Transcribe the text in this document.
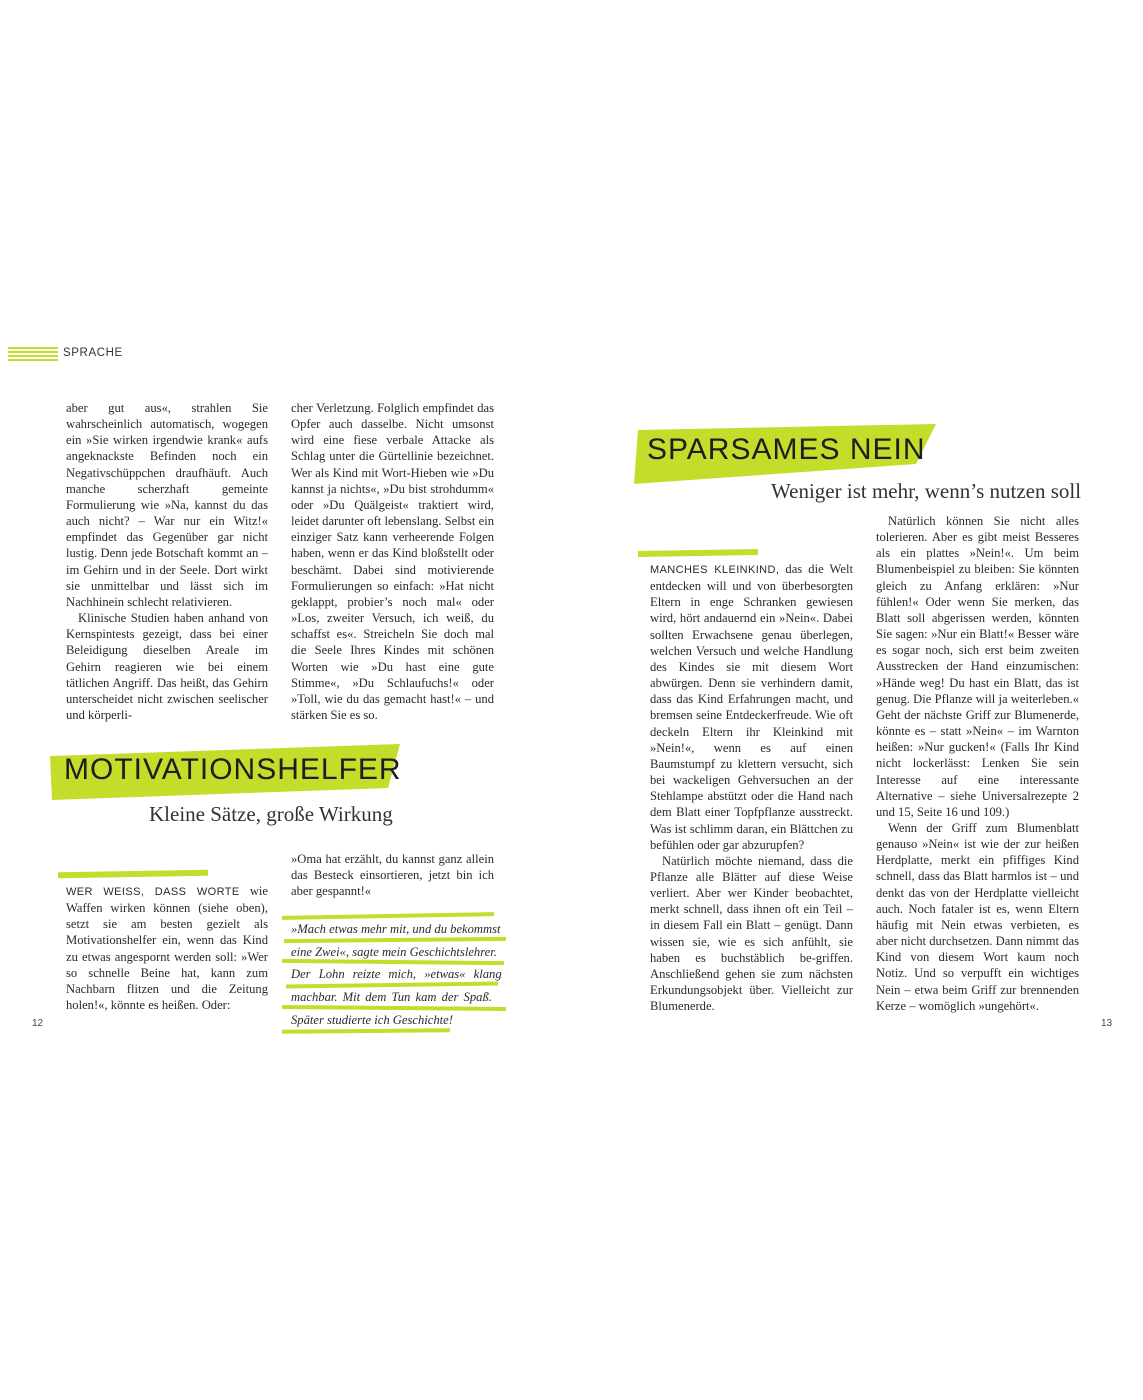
SPRACHE

aber gut aus«, strahlen Sie wahrscheinlich automatisch, wogegen ein »Sie wirken irgendwie krank« aufs angeknackste Befinden noch ein Negativschüppchen draufhäuft. Auch manche scherzhaft gemeinte Formulierung wie »Na, kannst du das auch nicht? – War nur ein Witz!« empfindet das Gegenüber gar nicht lustig. Denn jede Botschaft kommt an – im Gehirn und in der Seele. Dort wirkt sie unmittelbar und lässt sich im Nachhinein schlecht relativieren.

Klinische Studien haben anhand von Kernspintests gezeigt, dass bei einer Beleidigung dieselben Areale im Gehirn reagieren wie bei einem tätlichen Angriff. Das heißt, das Gehirn unterscheidet nicht zwischen seelischer und körperli-

cher Verletzung. Folglich empfindet das Opfer auch dasselbe. Nicht umsonst wird eine fiese verbale Attacke als Schlag unter die Gürtellinie bezeichnet. Wer als Kind mit Wort-Hieben wie »Du kannst ja nichts«, »Du bist strohdumm« oder »Du Quälgeist« traktiert wird, leidet darunter oft lebenslang. Selbst ein einziger Satz kann verheerende Folgen haben, wenn er das Kind bloßstellt oder beschämt. Dabei sind motivierende Formulierungen so einfach: »Hat nicht geklappt, probier’s noch mal« oder »Los, zweiter Versuch, ich weiß, du schaffst es«. Streicheln Sie doch mal die Seele Ihres Kindes mit schönen Worten wie »Du hast eine gute Stimme«, »Du Schlaufuchs!« oder »Toll, wie du das gemacht hast!« – und stärken Sie es so.

MOTIVATIONSHELFER
Kleine Sätze, große Wirkung

WER WEISS, DASS WORTE wie Waffen wirken können (siehe oben), setzt sie am besten gezielt als Motivationshelfer ein, wenn das Kind zu etwas angespornt werden soll: »Wer so schnelle Beine hat, kann zum Nachbarn flitzen und die Zeitung holen!«, könnte es heißen. Oder:

»Oma hat erzählt, du kannst ganz allein das Besteck einsortieren, jetzt bin ich aber gespannt!«

»Mach etwas mehr mit, und du bekommst
eine Zwei«, sagte mein Geschichtslehrer.
Der Lohn reizte mich, »etwas« klang
machbar. Mit dem Tun kam der Spaß.
Später studierte ich Geschichte!
12	13
SPARSAMES NEIN
Weniger ist mehr, wenn’s nutzen soll

MANCHES KLEINKIND, das die Welt entdecken will und von überbesorgten Eltern in enge Schranken gewiesen wird, hört andauernd ein »Nein«. Dabei sollten Erwachsene genau überlegen, welchen Versuch und welche Handlung des Kindes sie mit diesem Wort abwürgen. Denn sie verhindern damit, dass das Kind Erfahrungen macht, und bremsen seine Entdeckerfreude. Wie oft deckeln Eltern ihr Kleinkind mit »Nein!«, wenn es auf einen Baumstumpf zu klettern versucht, sich bei wackeligen Gehversuchen an der Stehlampe abstützt oder die Hand nach dem Blatt einer Topfpflanze ausstreckt. Was ist schlimm daran, ein Blättchen zu befühlen oder gar abzurupfen?

Natürlich möchte niemand, dass die Pflanze alle Blätter auf diese Weise verliert. Aber wer Kinder beobachtet, merkt schnell, dass ihnen oft ein Teil – in diesem Fall ein Blatt – genügt. Dann wissen sie, wie es sich anfühlt, sie haben es buchstäblich be-griffen. Anschließend gehen sie zum nächsten Erkundungsobjekt über. Vielleicht zur Blumenerde.

Natürlich können Sie nicht alles tolerieren. Aber es gibt meist Besseres als ein plattes »Nein!«. Um beim Blumenbeispiel zu bleiben: Sie könnten gleich zu Anfang erklären: »Nur fühlen!« Oder wenn Sie merken, das Blatt soll abgerissen werden, könnten Sie sagen: »Nur ein Blatt!« Besser wäre es sogar noch, sich erst beim zweiten Ausstrecken der Hand einzumischen: »Hände weg! Du hast ein Blatt, das ist genug. Die Pflanze will ja weiterleben.« Geht der nächste Griff zur Blumenerde, könnte es – statt »Nein« – im Warnton heißen: »Nur gucken!« (Falls Ihr Kind nicht lockerlässt: Lenken Sie sein Interesse auf eine interessante Alternative – siehe Universalrezepte 2 und 15, Seite 16 und 109.)

Wenn der Griff zum Blumenblatt genauso »Nein« ist wie der zur heißen Herdplatte, merkt ein pfiffiges Kind schnell, dass das Blatt harmlos ist – und denkt das von der Herdplatte vielleicht auch. Noch fataler ist es, wenn Eltern häufig mit Nein etwas verbieten, es aber nicht durchsetzen. Dann nimmt das Kind von diesem Wort kaum noch Notiz. Und so verpufft ein wichtiges Nein – etwa beim Griff zur brennenden Kerze – womöglich »ungehört«.
